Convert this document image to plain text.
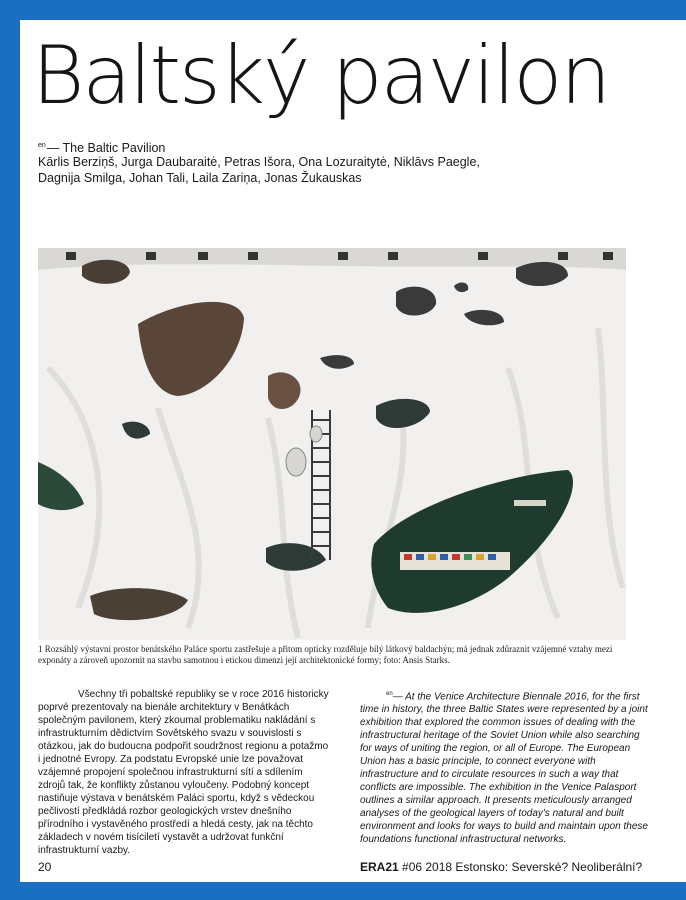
Baltský pavilon
$^{en}$— The Baltic Pavilion
Kārlis Berziņš, Jurga Daubaraitė, Petras Išora, Ona Lozuraitytė, Niklāvs Paegle, Dagnija Smilga, Johan Tali, Laila Zariņa, Jonas Žukauskas
1 Rozsáhlý výstavní prostor benátského Paláce sportu zastřešuje a přitom opticky rozděluje bílý látkový baldachýn; má jednak zdůraznit vzájemné vztahy mezi exponáty a zároveň upozornit na stavbu samotnou i etickou dimenzi její architektonické formy; foto: Ansis Starks.

Všechny tři pobaltské republiky se v roce 2016 historicky poprvé prezentovaly na bienále architektury v Benátkách společným pavilonem, který zkoumal problematiku nakládání s infrastrukturním dědictvím Sovětského svazu v souvislosti s otázkou, jak do budoucna podpořit soudržnost regionu a potažmo i jednotné Evropy. Za podstatu Evropské unie lze považovat vzájemné propojení společnou infrastrukturní sítí a sdílením zdrojů tak, že konflikty zůstanou vyloučeny. Podobný koncept nastiňuje výstava v benátském Paláci sportu, když s vědeckou pečlivostí předkládá rozbor geologických vrstev dnešního přírodního i vystavěného prostředí a hledá cesty, jak na těchto základech v novém tisíciletí vystavět a udržovat funkční infrastrukturní vazby.

$^{en}$— At the Venice Architecture Biennale 2016, for the first time in history, the three Baltic States were represented by a joint exhibition that explored the common issues of dealing with the infrastructural heritage of the Soviet Union while also searching for ways of uniting the region, or all of Europe. The European Union has a basic principle, to connect everyone with infrastructure and to circulate resources in such a way that conflicts are impossible. The exhibition in the Venice Palasport outlines a similar approach. It presents meticulously arranged analyses of the geological layers of today's natural and built environment and looks for ways to build and maintain upon these foundations functional infrastructural networks.

20	ERA21 #06 2018 Estonsko: Severské? Neoliberální?
